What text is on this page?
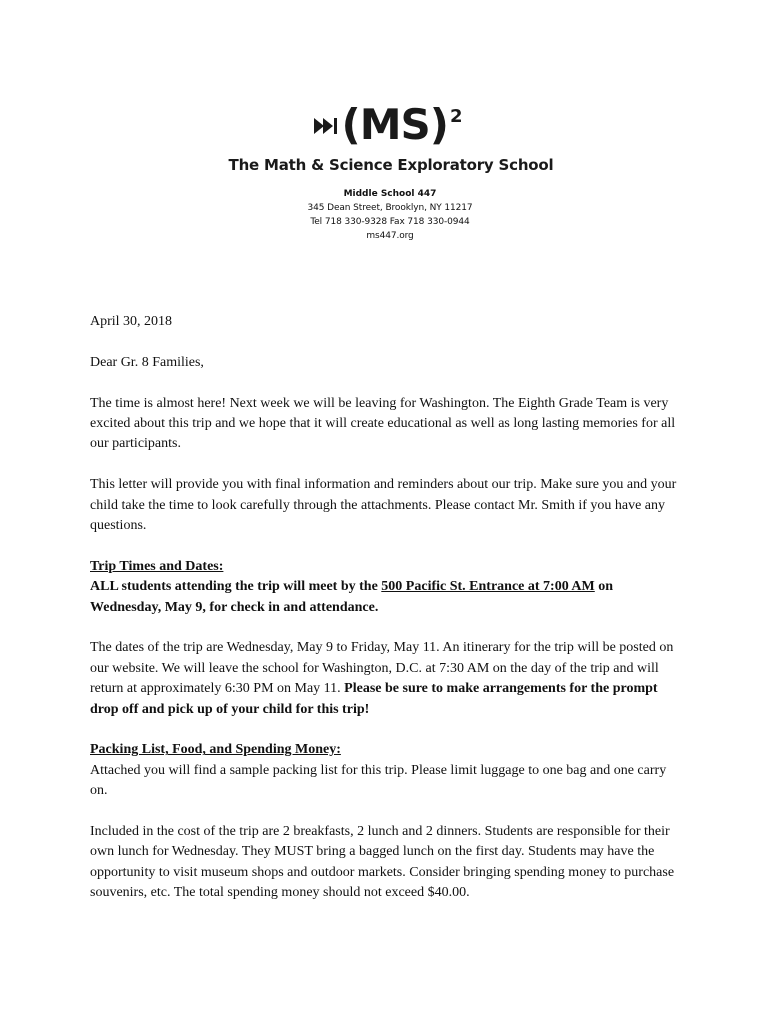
(MS) 2
The Math & Science Exploratory School
Middle School 447
345 Dean Street, Brooklyn, NY 11217
Tel 718 330-9328 Fax 718 330-0944
ms447.org

April 30, 2018

Dear Gr. 8 Families,

The time is almost here! Next week we will be leaving for Washington. The Eighth Grade Team is very excited about this trip and we hope that it will create educational as well as long lasting memories for all our participants.

This letter will provide you with final information and reminders about our trip. Make sure you and your child take the time to look carefully through the attachments. Please contact Mr. Smith if you have any questions.

Trip Times and Dates:

ALL students attending the trip will meet by the 500 Pacific St. Entrance at 7:00 AM on Wednesday, May 9, for check in and attendance.

The dates of the trip are Wednesday, May 9 to Friday, May 11. An itinerary for the trip will be posted on our website. We will leave the school for Washington, D.C. at 7:30 AM on the day of the trip and will return at approximately 6:30 PM on May 11. Please be sure to make arrangements for the prompt drop off and pick up of your child for this trip!

Packing List, Food, and Spending Money:

Attached you will find a sample packing list for this trip. Please limit luggage to one bag and one carry on.

Included in the cost of the trip are 2 breakfasts, 2 lunch and 2 dinners. Students are responsible for their own lunch for Wednesday. They MUST bring a bagged lunch on the first day. Students may have the opportunity to visit museum shops and outdoor markets. Consider bringing spending money to purchase souvenirs, etc. The total spending money should not exceed $40.00.
